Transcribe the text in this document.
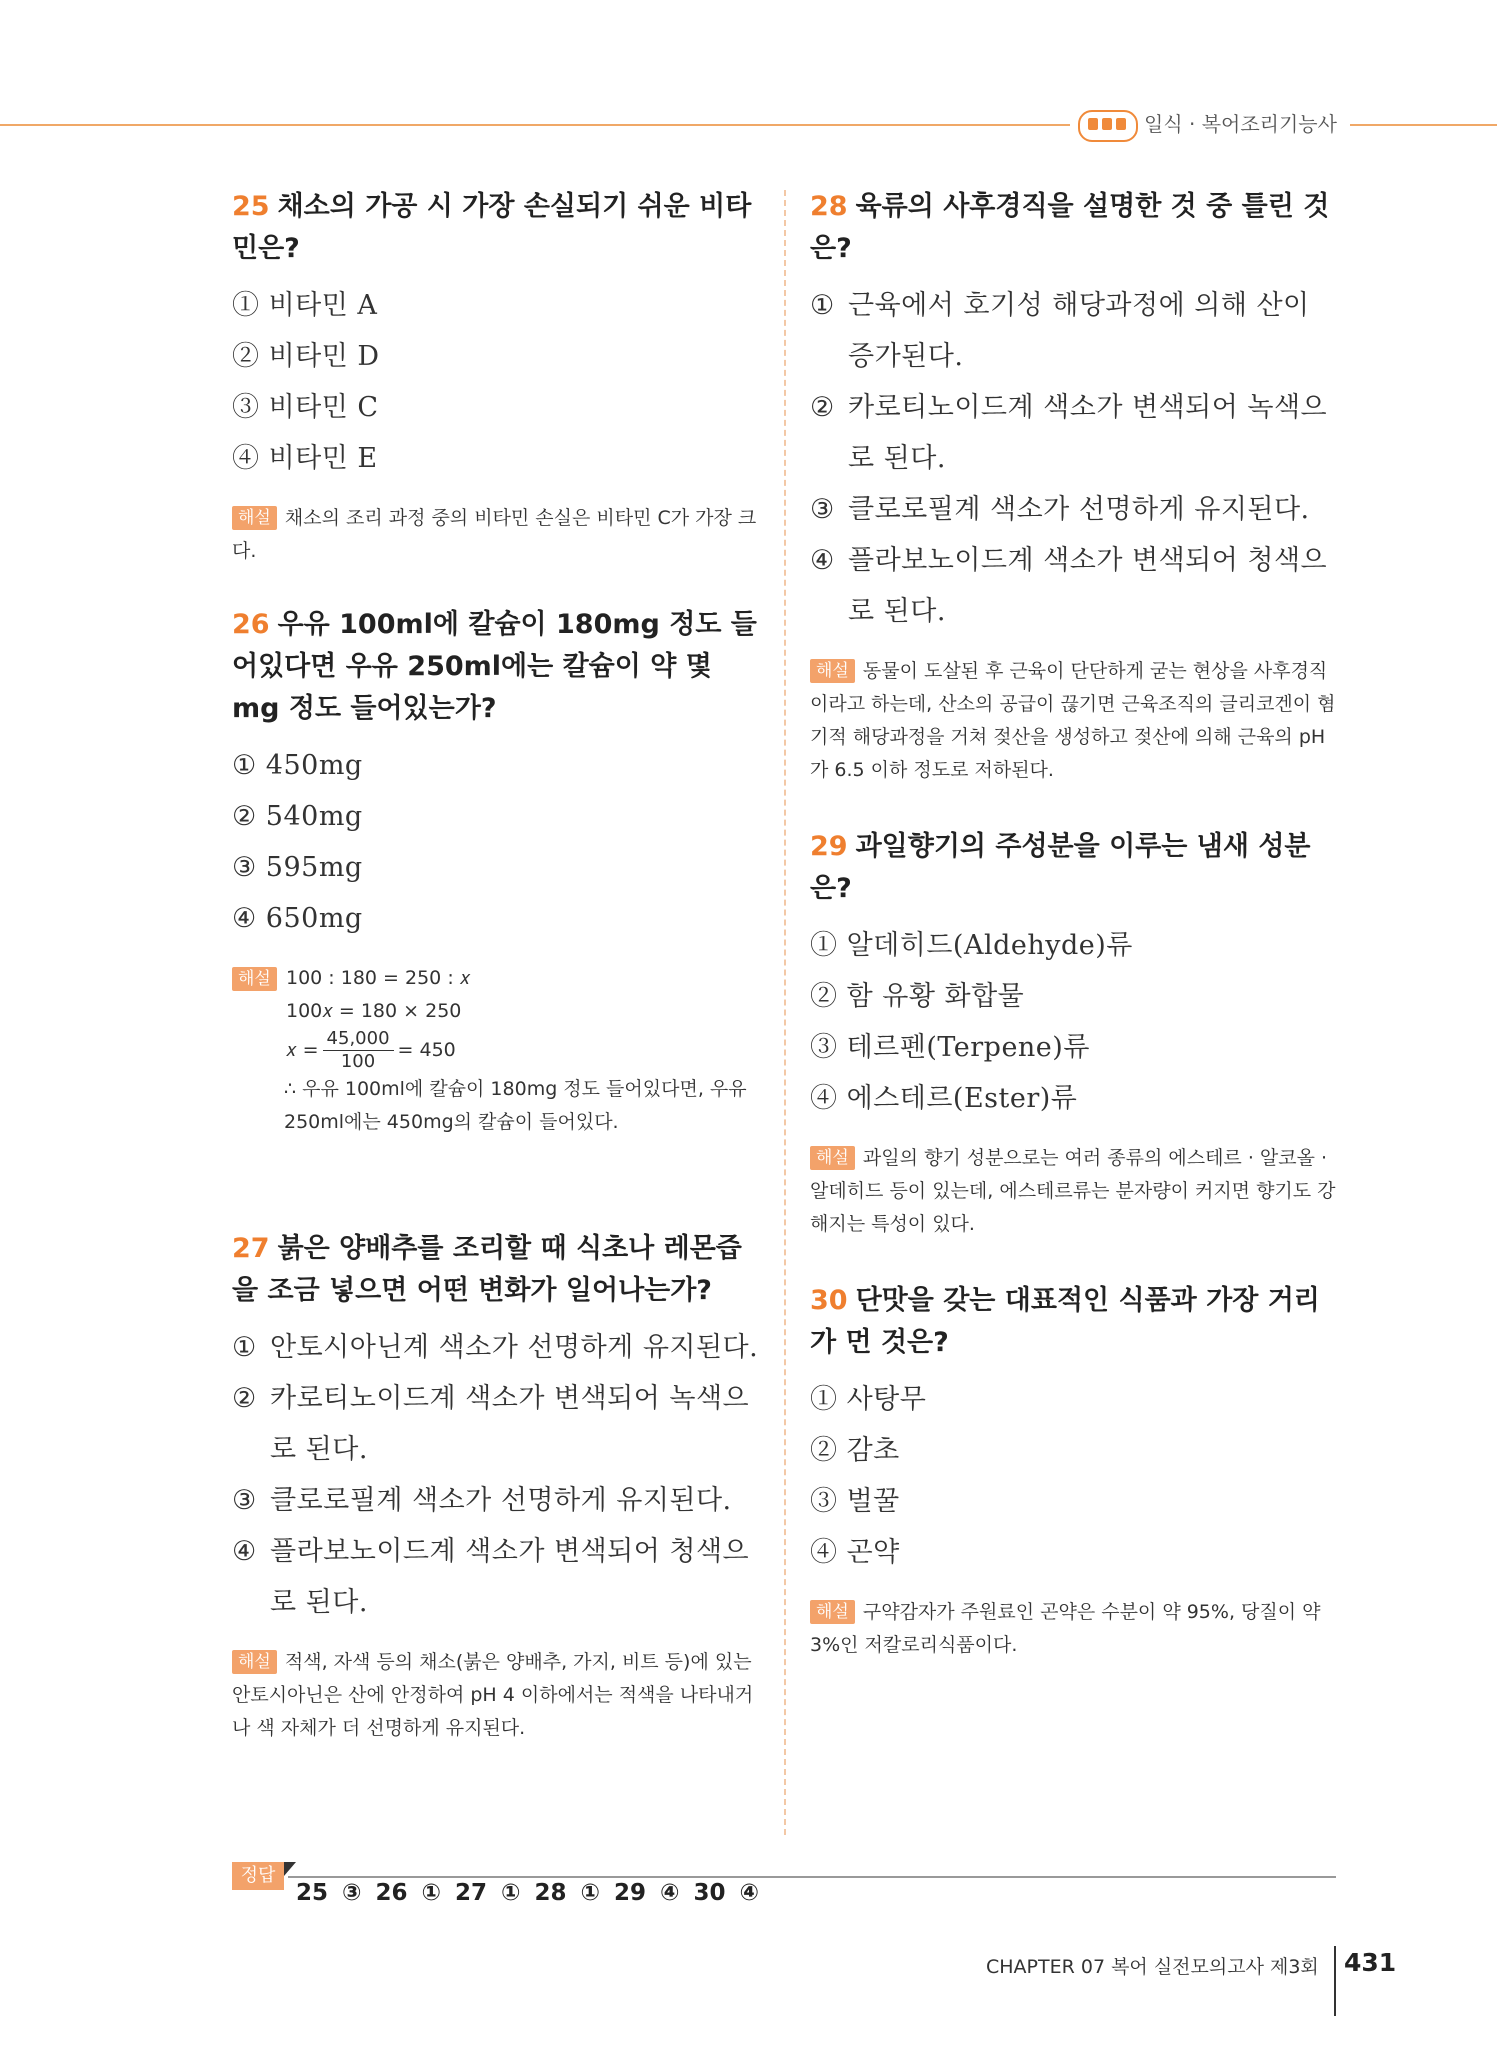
일식 · 복어조리기능사

25 채소의 가공 시 가장 손실되기 쉬운 비타민은?

① 비타민 A
② 비타민 D
③ 비타민 C
④ 비타민 E
해설 채소의 조리 과정 중의 비타민 손실은 비타민 C가 가장 크다.

26 우유 100ml에 칼슘이 180mg 정도 들어있다면 우유 250ml에는 칼슘이 약 몇 mg 정도 들어있는가?

① 450mg
② 540mg
③ 595mg
④ 650mg
해설 100 : 180 = 250 : 𝑥
100𝑥 = 180 × 250
𝑥 = $\frac{45,000}{100} = 450$
∴ 우유 100ml에 칼슘이 180mg 정도 들어있다면, 우유 250ml에는 450mg의 칼슘이 들어있다.

27 붉은 양배추를 조리할 때 식초나 레몬즙을 조금 넣으면 어떤 변화가 일어나는가?

① 안토시아닌계 색소가 선명하게 유지된다.
② 카로티노이드계 색소가 변색되어 녹색으로 된다.
③ 클로로필계 색소가 선명하게 유지된다.
④ 플라보노이드계 색소가 변색되어 청색으로 된다.
해설 적색, 자색 등의 채소(붉은 양배추, 가지, 비트 등)에 있는 안토시아닌은 산에 안정하여 pH 4 이하에서는 적색을 나타내거나 색 자체가 더 선명하게 유지된다.

28 육류의 사후경직을 설명한 것 중 틀린 것은?

① 근육에서 호기성 해당과정에 의해 산이 증가된다.
② 카로티노이드계 색소가 변색되어 녹색으로 된다.
③ 클로로필계 색소가 선명하게 유지된다.
④ 플라보노이드계 색소가 변색되어 청색으로 된다.
해설 동물이 도살된 후 근육이 단단하게 굳는 현상을 사후경직이라고 하는데, 산소의 공급이 끊기면 근육조직의 글리코겐이 혐기적 해당과정을 거쳐 젖산을 생성하고 젖산에 의해 근육의 pH가 6.5 이하 정도로 저하된다.

29 과일향기의 주성분을 이루는 냄새 성분은?

① 알데히드(Aldehyde)류
② 함 유황 화합물
③ 테르펜(Terpene)류
④ 에스테르(Ester)류
해설 과일의 향기 성분으로는 여러 종류의 에스테르 · 알코올 · 알데히드 등이 있는데, 에스테르류는 분자량이 커지면 향기도 강해지는 특성이 있다.

30 단맛을 갖는 대표적인 식품과 가장 거리가 먼 것은?

① 사탕무
② 감초
③ 벌꿀
④ 곤약
해설 구약감자가 주원료인 곤약은 수분이 약 95%, 당질이 약 3%인 저칼로리식품이다.
정답
25 ③ 26 ① 27 ① 28 ① 29 ④ 30 ④
CHAPTER 07 복어 실전모의고사 제3회 431
